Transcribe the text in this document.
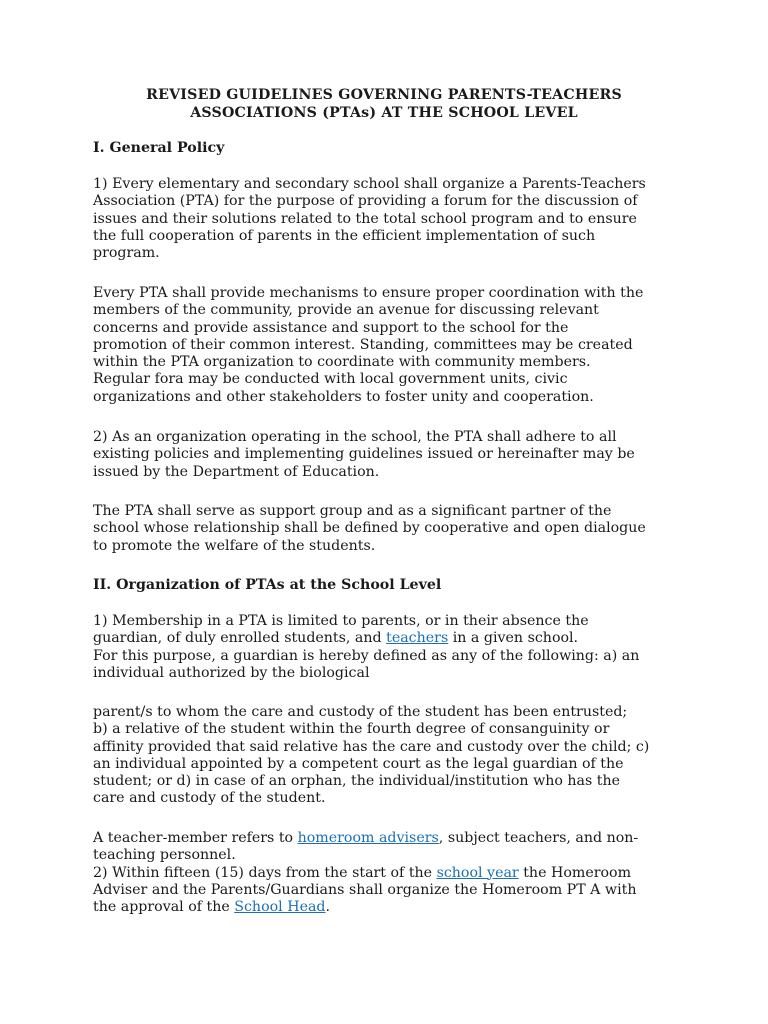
REVISED GUIDELINES GOVERNING PARENTS-TEACHERS
ASSOCIATIONS (PTAs) AT THE SCHOOL LEVEL
I. General Policy
1) Every elementary and secondary school shall organize a Parents-Teachers
Association (PTA) for the purpose of providing a forum for the discussion of
issues and their solutions related to the total school program and to ensure
the full cooperation of parents in the efficient implementation of such
program.
Every PTA shall provide mechanisms to ensure proper coordination with the
members of the community, provide an avenue for discussing relevant
concerns and provide assistance and support to the school for the
promotion of their common interest. Standing, committees may be created
within the PTA organization to coordinate with community members.
Regular fora may be conducted with local government units, civic
organizations and other stakeholders to foster unity and cooperation.
2) As an organization operating in the school, the PTA shall adhere to all
existing policies and implementing guidelines issued or hereinafter may be
issued by the Department of Education.
The PTA shall serve as support group and as a significant partner of the
school whose relationship shall be defined by cooperative and open dialogue
to promote the welfare of the students.
II. Organization of PTAs at the School Level
1) Membership in a PTA is limited to parents, or in their absence the
guardian, of duly enrolled students, and teachers in a given school.
For this purpose, a guardian is hereby defined as any of the following: a) an
individual authorized by the biological
parent/s to whom the care and custody of the student has been entrusted;
b) a relative of the student within the fourth degree of consanguinity or
affinity provided that said relative has the care and custody over the child; c)
an individual appointed by a competent court as the legal guardian of the
student; or d) in case of an orphan, the individual/institution who has the
care and custody of the student.
A teacher-member refers to homeroom advisers, subject teachers, and non-
teaching personnel.
2) Within fifteen (15) days from the start of the school year the Homeroom
Adviser and the Parents/Guardians shall organize the Homeroom PT A with
the approval of the School Head.
